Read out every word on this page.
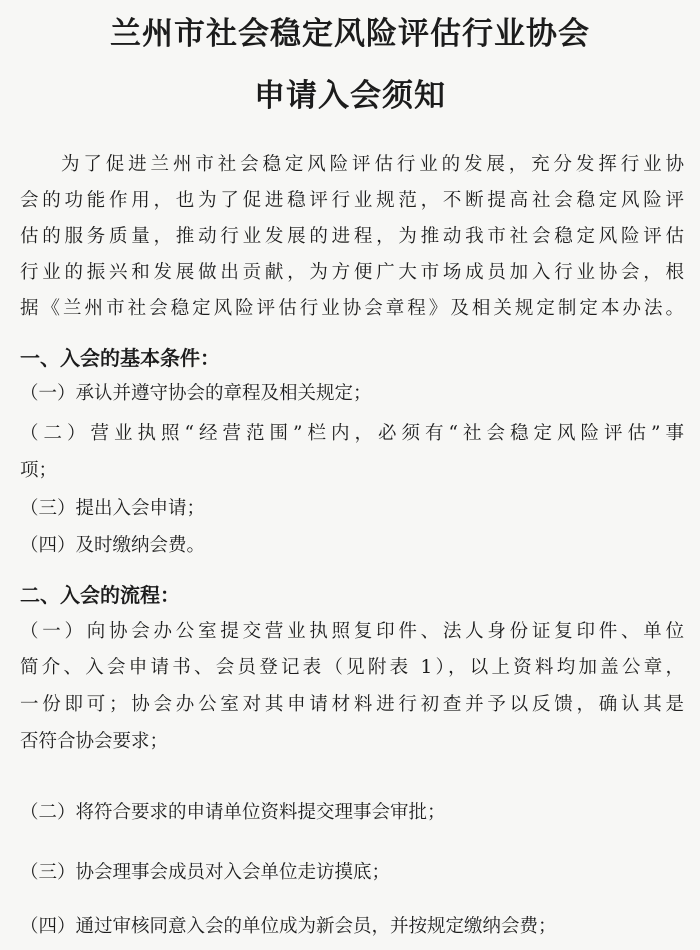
兰州市社会稳定风险评估行业协会
申请入会须知
为了促进兰州市社会稳定风险评估行业的发展，充分发挥行业协
会的功能作用，也为了促进稳评行业规范，不断提高社会稳定风险评
估的服务质量，推动行业发展的进程，为推动我市社会稳定风险评估
行业的振兴和发展做出贡献，为方便广大市场成员加入行业协会，根
据《兰州市社会稳定风险评估行业协会章程》及相关规定制定本办法。
一、入会的基本条件：
（一）承认并遵守协会的章程及相关规定；
（二）营业执照“经营范围”栏内，必须有“社会稳定风险评估”事
项；
（三）提出入会申请；
（四）及时缴纳会费。
二、入会的流程：
（一）向协会办公室提交营业执照复印件、法人身份证复印件、单位
简介、入会申请书、会员登记表（见附表 1），以上资料均加盖公章，
一份即可；协会办公室对其申请材料进行初查并予以反馈，确认其是
否符合协会要求；
（二）将符合要求的申请单位资料提交理事会审批；
（三）协会理事会成员对入会单位走访摸底；
（四）通过审核同意入会的单位成为新会员，并按规定缴纳会费；
